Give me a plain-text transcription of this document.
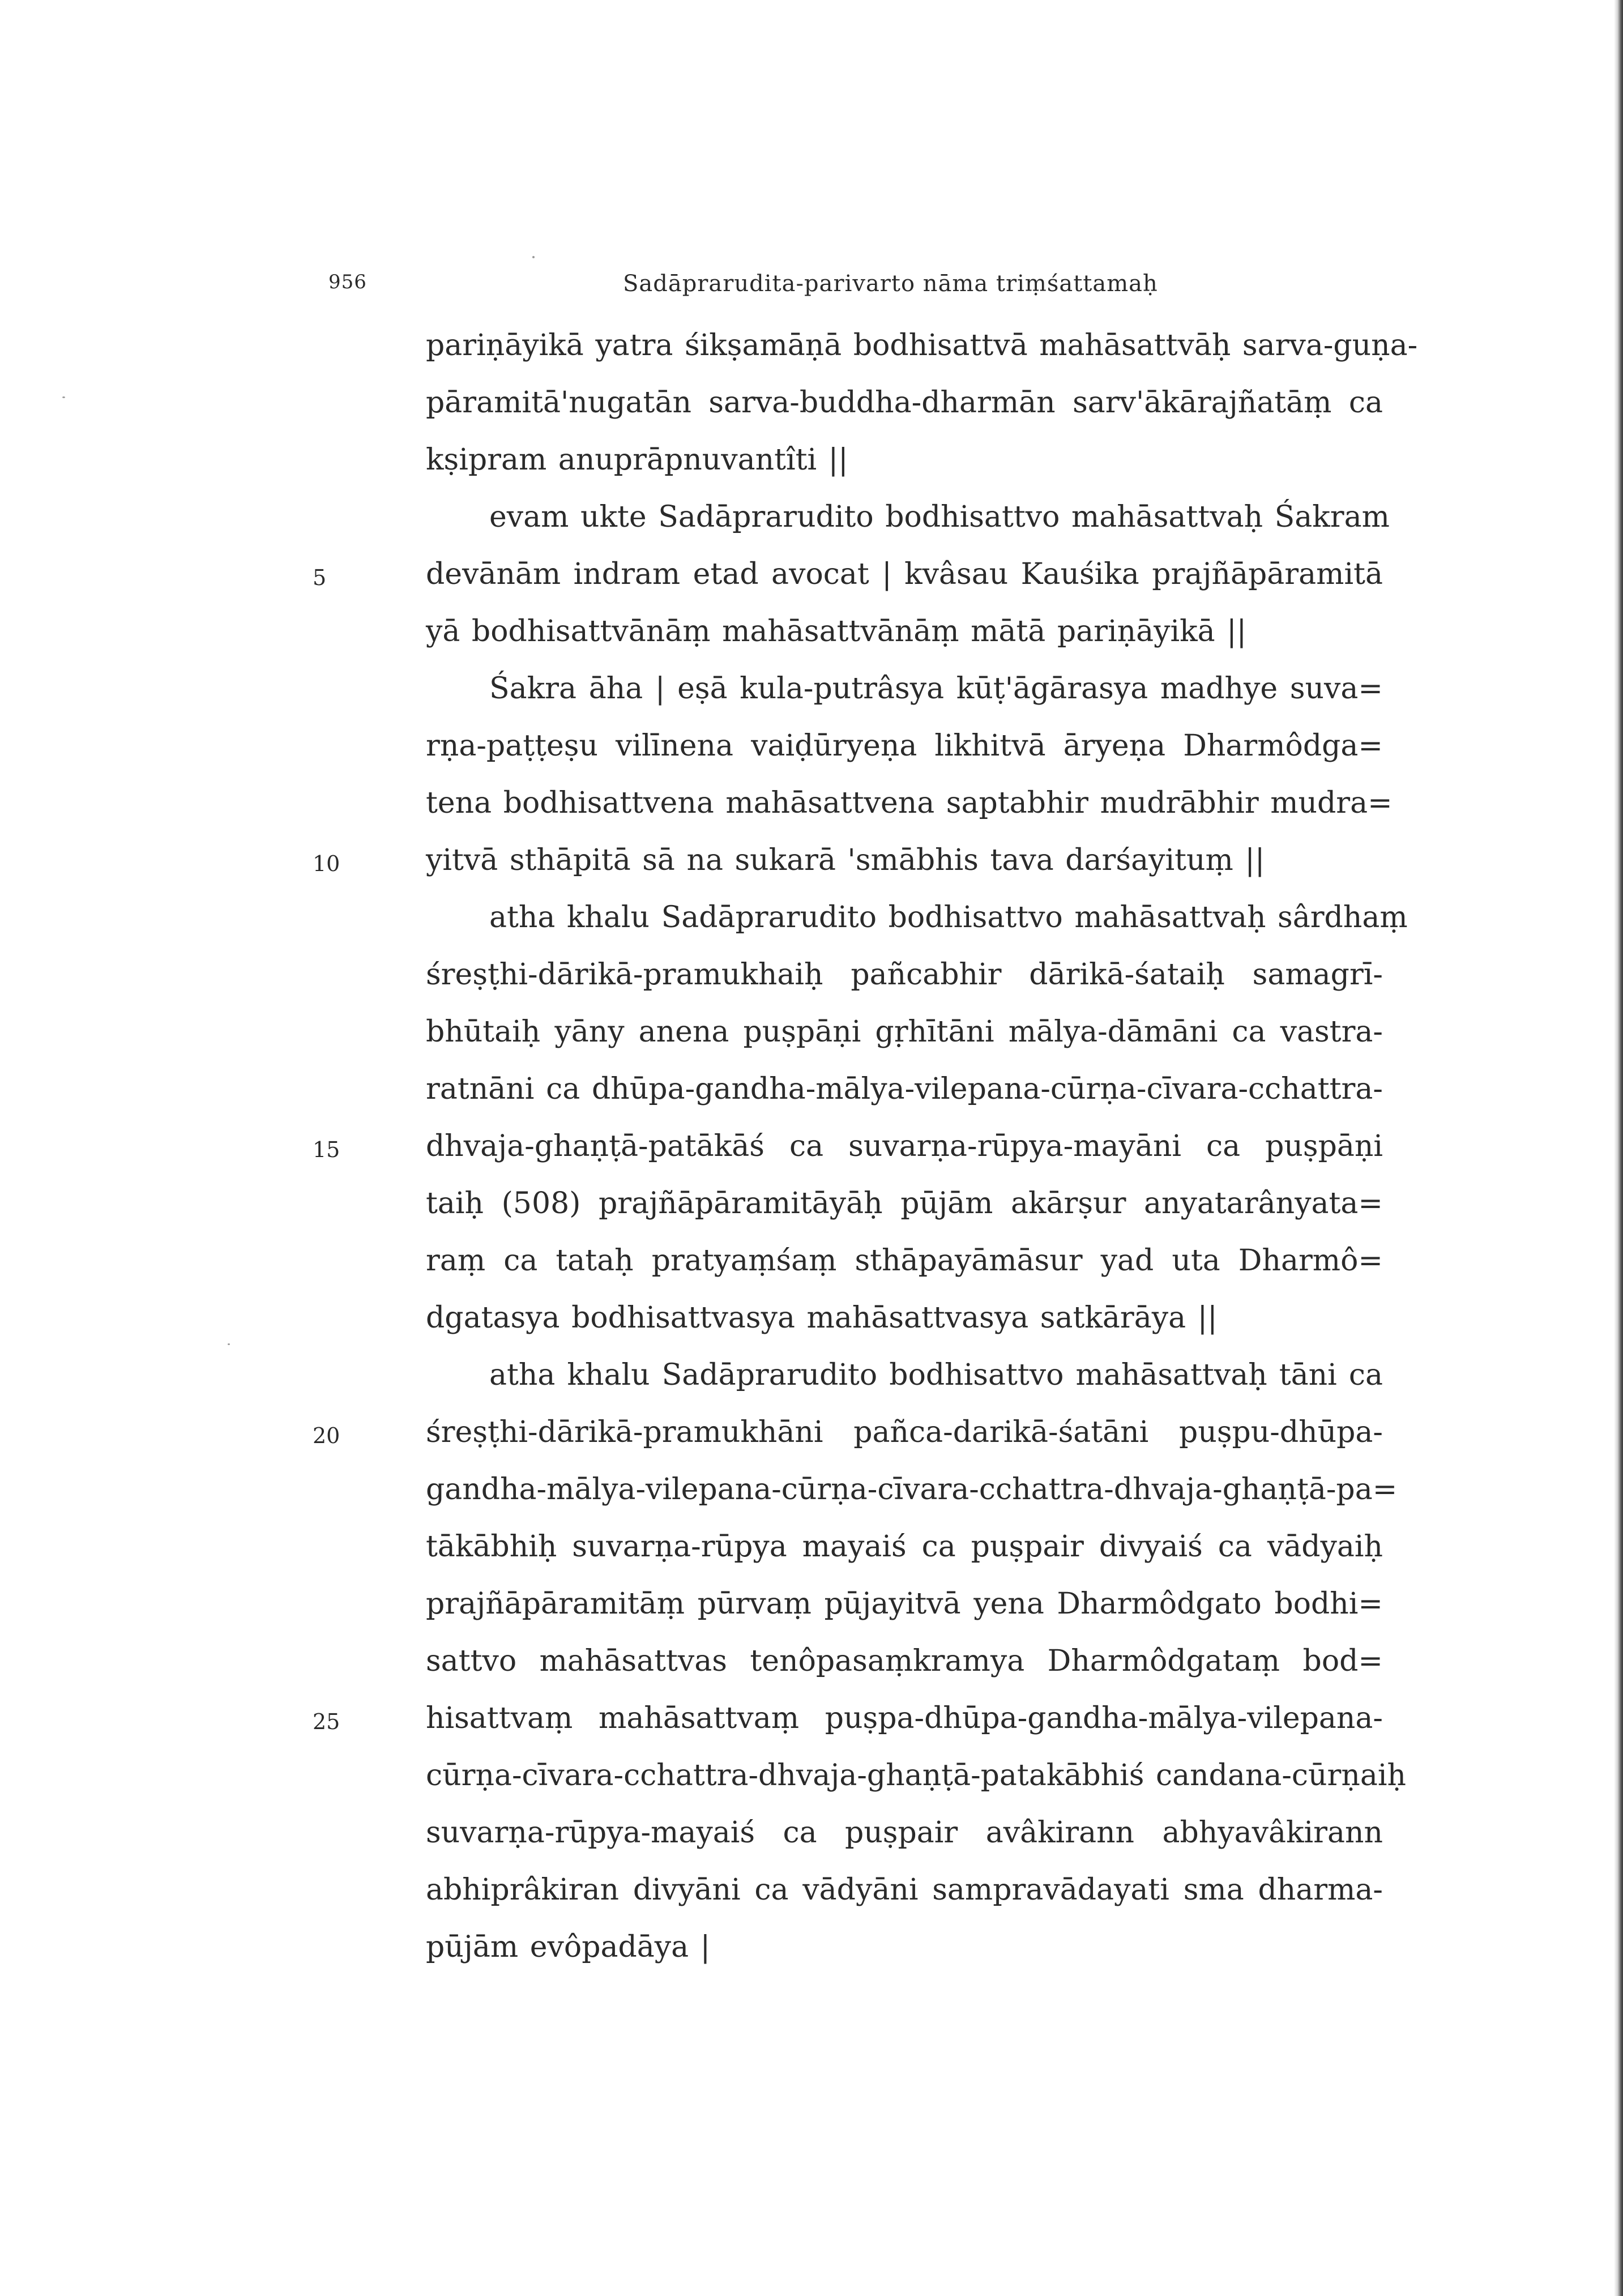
956	Sadāprarudita-parivarto nāma triṃśattamaḥ
pariṇāyikā yatra śikṣamāṇā bodhisattvā mahāsattvāḥ sarva-guṇa-
pāramitā'nugatān sarva-buddha-dharmān sarv'ākārajñatāṃ ca
kṣipram anuprāpnuvantîti ||
evam ukte Sadāprarudito bodhisattvo mahāsattvaḥ Śakram
5	devānām indram etad avocat | kvâsau Kauśika prajñāpāramitā
yā bodhisattvānāṃ mahāsattvānāṃ mātā pariṇāyikā ||
Śakra āha | eṣā kula-putrâsya kūṭ'āgārasya madhye suva=
rṇa-paṭṭeṣu vilīnena vaiḍūryeṇa likhitvā āryeṇa Dharmôdga=
tena bodhisattvena mahāsattvena saptabhir mudrābhir mudra=
10	yitvā sthāpitā sā na sukarā 'smābhis tava darśayituṃ ||
atha khalu Sadāprarudito bodhisattvo mahāsattvaḥ sârdhaṃ
śreṣṭhi-dārikā-pramukhaiḥ pañcabhir dārikā-śataiḥ samagrī-
bhūtaiḥ yāny anena puṣpāṇi gṛhītāni mālya-dāmāni ca vastra-
ratnāni ca dhūpa-gandha-mālya-vilepana-cūrṇa-cīvara-cchattra-
15	dhvaja-ghaṇṭā-patākāś ca suvarṇa-rūpya-mayāni ca puṣpāṇi
taiḥ (508) prajñāpāramitāyāḥ pūjām akārṣur anyatarânyata=
raṃ ca tataḥ pratyaṃśaṃ sthāpayāmāsur yad uta Dharmô=
dgatasya bodhisattvasya mahāsattvasya satkārāya ||
atha khalu Sadāprarudito bodhisattvo mahāsattvaḥ tāni ca
20	śreṣṭhi-dārikā-pramukhāni pañca-darikā-śatāni puṣpu-dhūpa-
gandha-mālya-vilepana-cūrṇa-cīvara-cchattra-dhvaja-ghaṇṭā-pa=
tākābhiḥ suvarṇa-rūpya mayaiś ca puṣpair divyaiś ca vādyaiḥ
prajñāpāramitāṃ pūrvaṃ pūjayitvā yena Dharmôdgato bodhi=
sattvo mahāsattvas tenôpasaṃkramya Dharmôdgataṃ bod=
25	hisattvaṃ mahāsattvaṃ puṣpa-dhūpa-gandha-mālya-vilepana-
cūrṇa-cīvara-cchattra-dhvaja-ghaṇṭā-patakābhiś candana-cūrṇaiḥ
suvarṇa-rūpya-mayaiś ca puṣpair avâkirann abhyavâkirann
abhiprâkiran divyāni ca vādyāni sampravādayati sma dharma-
pūjām evôpadāya |
